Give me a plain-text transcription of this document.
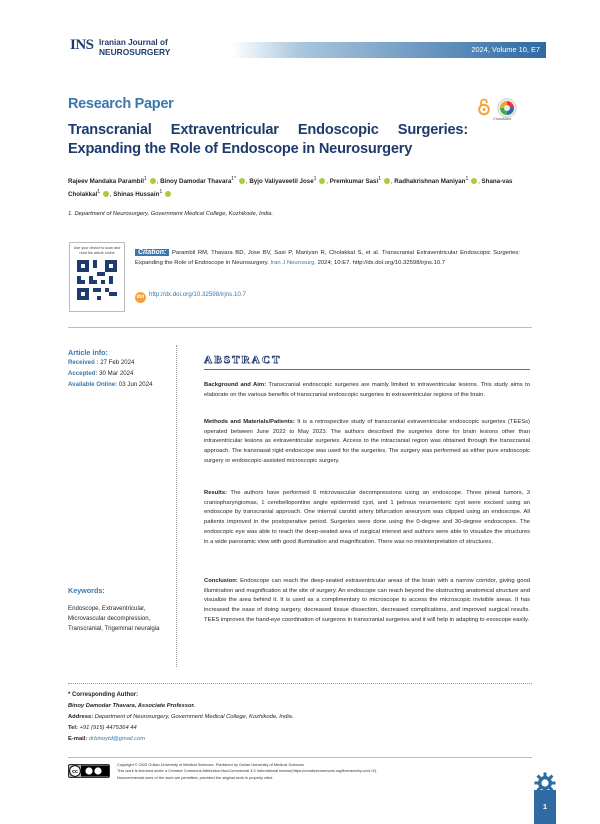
INS Iranian Journal of
NEUROSURGERY	2024, Volume 10, E7
Research Paper
CrossMark
Transcranial Extraventricular Endoscopic Surgeries:
Expanding the Role of Endoscope in Neurosurgery
Rajeev Mandaka Parambil$^1$ , Binoy Damodar Thavara$^{1*}$ , Byjo Valiyaveetil Jose$^1$ , Premkumar Sasi$^1$ , Radhakrishnan Maniyan$^1$ , Shana-vas Cholakkal$^1$ , Shinas Hussain$^1$
1. Department of Neurosurgery, Government Medical College, Kozhikode, India.
Use your device to scan and read the article online	Citation: Parambil RM, Thavara BD, Jose BV, Sasi P, Maniyan R, Cholakkal S, et al. Transcranial Extraventricular Endoscopic Surgeries: Expanding the Role of Endoscope in Neurosurgery. Iran J Neurosurg. 2024; 10:E7. http://dx.doi.org/10.32598/irjns.10.7
doi http://dx.doi.org/10.32598/irjns.10.7
Article info:
Received : 27 Feb 2024
Accepted: 30 Mar 2024
Available Online: 03 Jun 2024
ABSTRACT
Background and Aim: Transcranial endoscopic surgeries are mainly limited to intraventricular lesions. This study aims to elaborate on the various benefits of transcranial endoscopic surgeries in extraventricular regions of the brain.
Methods and Materials/Patients: It is a retrospective study of transcranial extraventricular endoscopic surgeries (TEESs) operated between June 2022 to May 2023. The authors described the surgeries done for brain lesions other than intraventricular lesions as extraventricular surgeries. Access to the intracranial region was obtained through the transcranial approach. The transnasal rigid endoscope was used for the surgeries. The surgery was performed as either pure endoscopic surgery or endoscopic-assisted microscopic surgery.
Results: The authors have performed 6 microvascular decompressions using an endoscope. Three pineal tumors, 3 craniopharyngiomas, 1 cerebellopontine angle epidermoid cyst, and 1 petrous neuroenteric cyst were excised using an endoscope by transcranial approach. One internal carotid artery bifurcation aneurysm was clipped using an endoscope. All patients improved in the postoperative period. Surgeries were done using the 0-degree and 30-degree endoscopes. The endoscopic eye was able to reach the deep-seated area of surgical interest and authors were able to visualize the structures in a wide panoramic view with good illumination and magnification. There was no misinterpretation of structures.
Conclusion: Endoscope can reach the deep-seated extraventricular areas of the brain with a narrow corridor, giving good illumination and magnification at the site of surgery. An endoscope can reach beyond the obstructing anatomical structure and visualize the area behind it. It is used as a complimentary to microscope to access the microscopic invisible areas. It has increased the ease of doing surgery, decreased tissue dissection, decreased complications, and improved surgical results. TEES improves the hand-eye coordination of surgeons in transcranial surgeries and it will help in adapting to exoscope easily.
Keywords:
Endoscope, Extraventricular, Microvascular decompression, Transcranial, Trigeminal neuralgia
* Corresponding Author:
Binoy Damodar Thavara, Associate Professor.
Address: Department of Neurosurgery, Government Medical College, Kozhikode, India.
Tel: +91 (915) 4475364 44
E-mail: drbinoytd@gmail.com
cc
Copyright © 2023 Guilan University of Medical Sciences. Published by Guilan University of Medical Sciences
This work is licensed under a Creative Commons Attribution-NonCommercial 4.0 International license(https://creativecommons.org/licenses/by-nc/4.0/).
Noncommercial uses of the work are permitted, provided the original work is properly cited.
1
